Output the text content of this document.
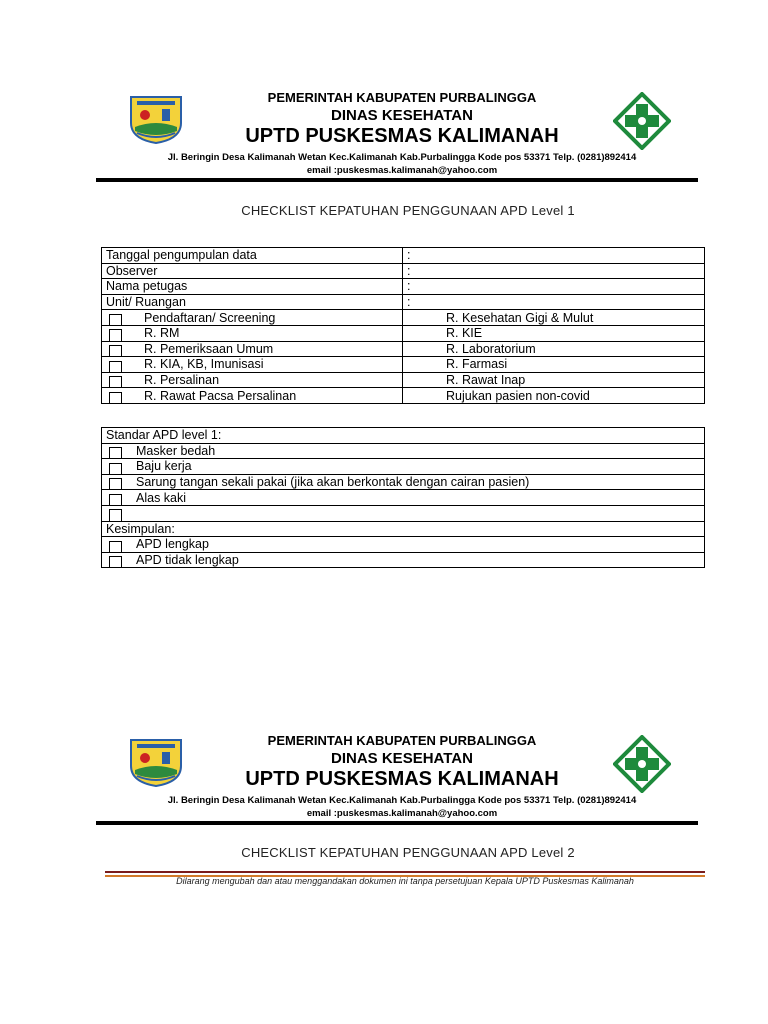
PEMERINTAH KABUPATEN PURBALINGGA
DINAS KESEHATAN
UPTD PUSKESMAS KALIMANAH
Jl. Beringin Desa Kalimanah Wetan Kec.Kalimanah Kab.Purbalingga Kode pos 53371 Telp. (0281)892414
email :puskesmas.kalimanah@yahoo.com
CHECKLIST KEPATUHAN PENGGUNAAN APD Level 1
Tanggal pengumpulan data	:
Observer	:
Nama petugas	:
Unit/ Ruangan	:
Pendaftaran/ Screening	R. Kesehatan Gigi & Mulut
R. RM	R. KIE
R. Pemeriksaan Umum	R. Laboratorium
R. KIA, KB, Imunisasi	R. Farmasi
R. Persalinan	R. Rawat Inap
R. Rawat Pacsa Persalinan	Rujukan pasien non-covid
Standar APD level 1:
Masker bedah
Baju kerja
Sarung tangan sekali pakai (jika akan berkontak dengan cairan pasien)
Alas kaki

Kesimpulan:
APD lengkap
APD tidak lengkap
PEMERINTAH KABUPATEN PURBALINGGA
DINAS KESEHATAN
UPTD PUSKESMAS KALIMANAH
Jl. Beringin Desa Kalimanah Wetan Kec.Kalimanah Kab.Purbalingga Kode pos 53371 Telp. (0281)892414
email :puskesmas.kalimanah@yahoo.com
CHECKLIST KEPATUHAN PENGGUNAAN APD Level 2
Dilarang mengubah dan atau menggandakan dokumen ini tanpa persetujuan Kepala UPTD Puskesmas Kalimanah
